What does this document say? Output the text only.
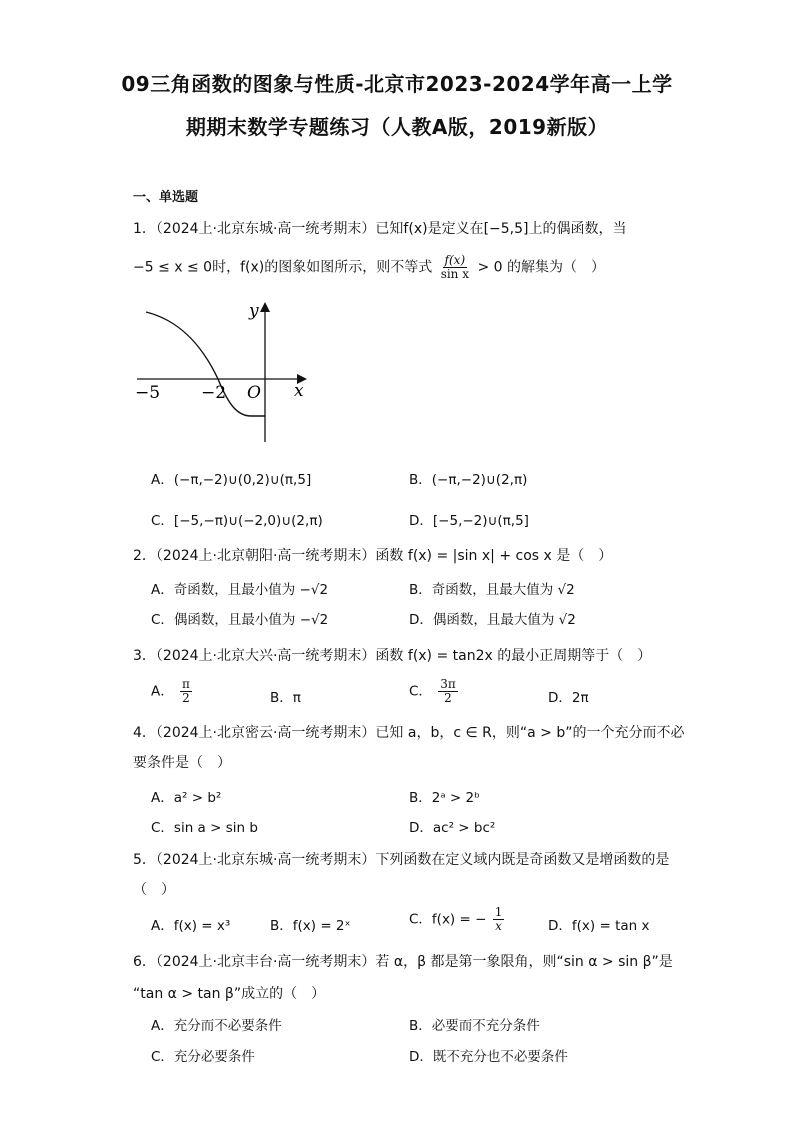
09三角函数的图象与性质-北京市2023-2024学年高一上学
期期末数学专题练习（人教A版，2019新版）
一、单选题
1．（2024上·北京东城·高一统考期末）已知f(x)是定义在[−5,5]上的偶函数，当
−5 ≤ x ≤ 0时，f(x)的图象如图所示，则不等式 $\frac{f(x)}{\text{sin x}} > 0$ 的解集为（　）
y
x
O
−5 −2
A．(−π,−2)∪(0,2)∪(π,5]	B．(−π,−2)∪(2,π)
C．[−5,−π)∪(−2,0)∪(2,π)	D．[−5,−2)∪(π,5]
2．（2024上·北京朝阳·高一统考期末）函数 f(x) = |sin x| + cos x 是（　）
A．奇函数，且最小值为 −√2	B．奇函数，且最大值为 √2
C．偶函数，且最小值为 −√2	D．偶函数，且最大值为 √2
3．（2024上·北京大兴·高一统考期末）函数 f(x) = tan2x 的最小正周期等于（　）
A． $\frac{\pi}{2}$	B．π	C． $\frac{3\pi}{2}$	D．2π
4．（2024上·北京密云·高一统考期末）已知 a，b，c ∈ R，则“a > b”的一个充分而不必
要条件是（　）
A．a² > b²	B．2ᵃ > 2ᵇ
C．sin a > sin b	D．ac² > bc²
5．（2024上·北京东城·高一统考期末）下列函数在定义域内既是奇函数又是增函数的是
（　）
A．f(x) = x³	B．f(x) = 2ˣ	C．f(x) = − $\frac{1}{x}$	D．f(x) = tan x
6．（2024上·北京丰台·高一统考期末）若 α，β 都是第一象限角，则“sin α > sin β”是
“tan α > tan β”成立的（　）
A．充分而不必要条件	B．必要而不充分条件
C．充分必要条件	D．既不充分也不必要条件
